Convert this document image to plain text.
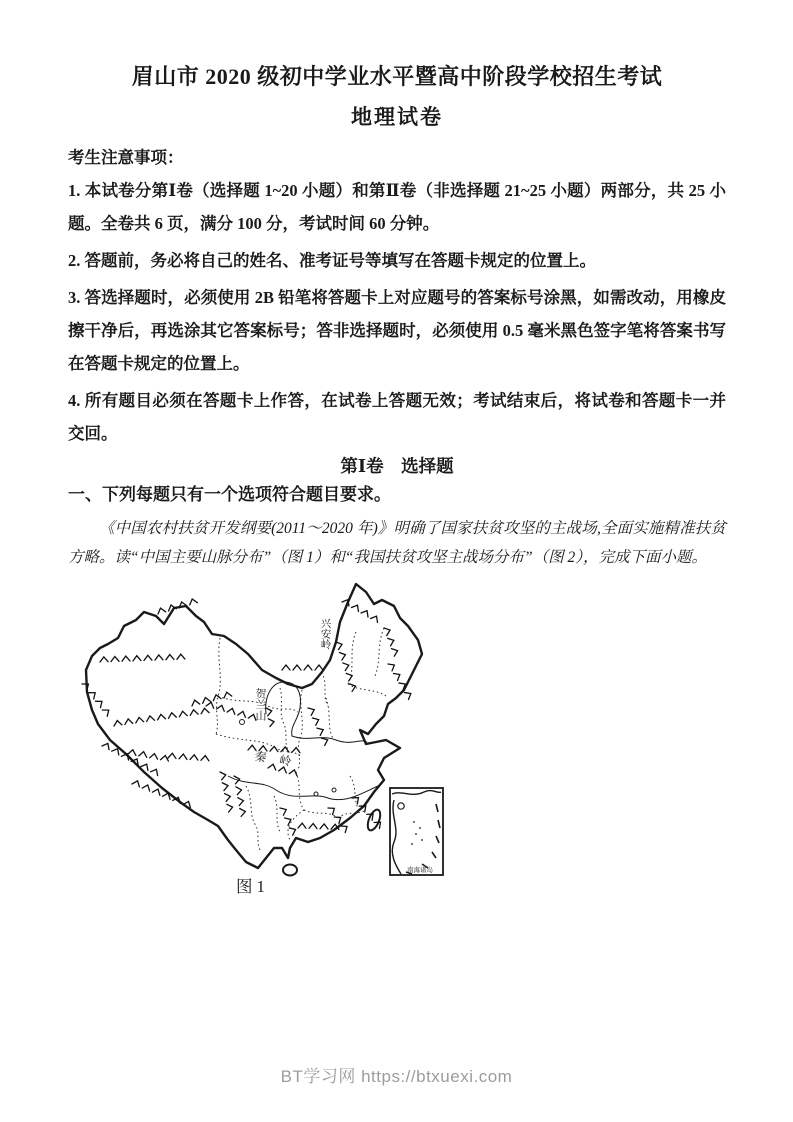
眉山市 2020 级初中学业水平暨高中阶段学校招生考试
地理试卷

考生注意事项：

1. 本试卷分第Ⅰ卷（选择题 1~20 小题）和第Ⅱ卷（非选择题 21~25 小题）两部分，共 25 小题。全卷共 6 页，满分 100 分，考试时间 60 分钟。

2. 答题前，务必将自己的姓名、准考证号等填写在答题卡规定的位置上。

3. 答选择题时，必须使用 2B 铅笔将答题卡上对应题号的答案标号涂黑，如需改动，用橡皮擦干净后，再选涂其它答案标号；答非选择题时，必须使用 0.5 毫米黑色签字笔将答案书写在答题卡规定的位置上。

4. 所有题目必须在答题卡上作答，在试卷上答题无效；考试结束后，将试卷和答题卡一并交回。

第Ⅰ卷　选择题

一、下列每题只有一个选项符合题目要求。

《中国农村扶贫开发纲要(2011～2020 年)》明确了国家扶贫攻坚的主战场,全面实施精准扶贫方略。读“中国主要山脉分布”（图 1）和“我国扶贫攻坚主战场分布”（图 2），完成下面小题。

贺兰山
秦岭
兴安岭
南海诸岛
图 1
BT学习网 https://btxuexi.com
